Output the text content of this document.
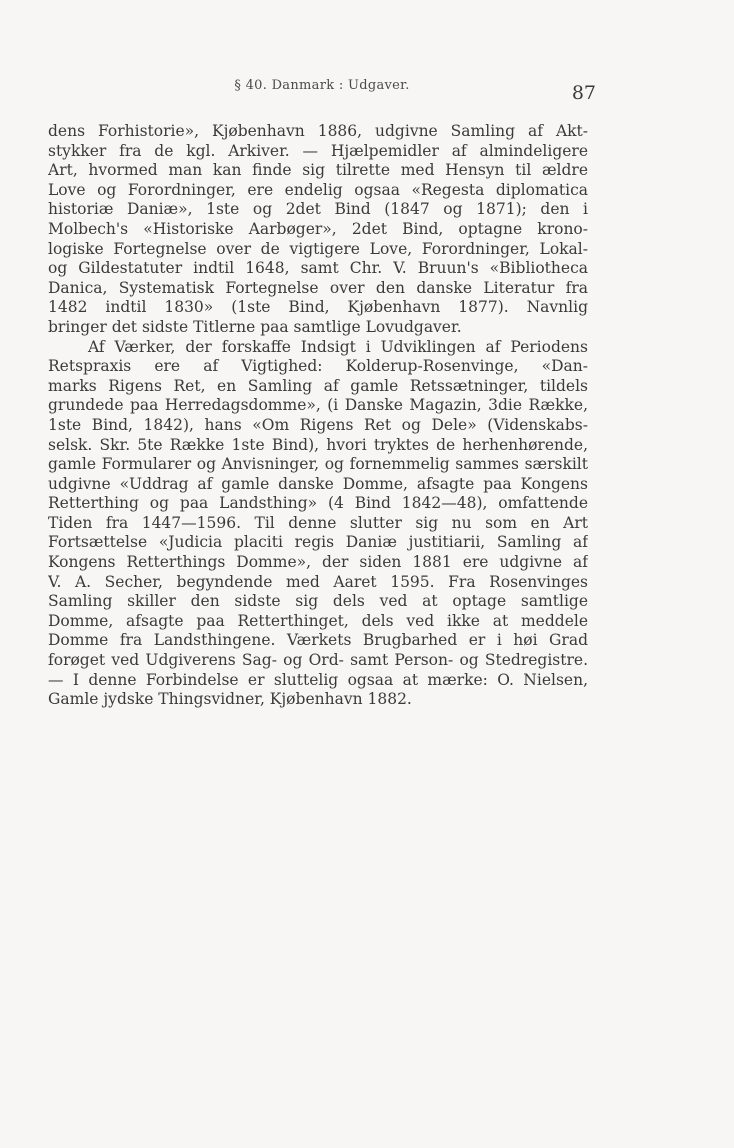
§ 40. Danmark : Udgaver.	87
dens Forhistorie», Kjøbenhavn 1886, udgivne Samling af Akt-
stykker fra de kgl. Arkiver. — Hjælpemidler af almindeligere
Art, hvormed man kan finde sig tilrette med Hensyn til ældre
Love og Forordninger, ere endelig ogsaa «Regesta diplomatica
historiæ Daniæ», 1ste og 2det Bind (1847 og 1871); den i
Molbech's «Historiske Aarbøger», 2det Bind, optagne krono-
logiske Fortegnelse over de vigtigere Love, Forordninger, Lokal-
og Gildestatuter indtil 1648, samt Chr. V. Bruun's «Bibliotheca
Danica, Systematisk Fortegnelse over den danske Literatur fra
1482 indtil 1830» (1ste Bind, Kjøbenhavn 1877). Navnlig
bringer det sidste Titlerne paa samtlige Lovudgaver.
Af Værker, der forskaffe Indsigt i Udviklingen af Periodens
Retspraxis ere af Vigtighed: Kolderup-Rosenvinge, «Dan-
marks Rigens Ret, en Samling af gamle Retssætninger, tildels
grundede paa Herredagsdomme», (i Danske Magazin, 3die Række,
1ste Bind, 1842), hans «Om Rigens Ret og Dele» (Videnskabs-
selsk. Skr. 5te Række 1ste Bind), hvori tryktes de herhenhørende,
gamle Formularer og Anvisninger, og fornemmelig sammes særskilt
udgivne «Uddrag af gamle danske Domme, afsagte paa Kongens
Retterthing og paa Landsthing» (4 Bind 1842—48), omfattende
Tiden fra 1447—1596. Til denne slutter sig nu som en Art
Fortsættelse «Judicia placiti regis Daniæ justitiarii, Samling af
Kongens Retterthings Domme», der siden 1881 ere udgivne af
V. A. Secher, begyndende med Aaret 1595. Fra Rosenvinges
Samling skiller den sidste sig dels ved at optage samtlige
Domme, afsagte paa Retterthinget, dels ved ikke at meddele
Domme fra Landsthingene. Værkets Brugbarhed er i høi Grad
forøget ved Udgiverens Sag- og Ord- samt Person- og Stedregistre.
— I denne Forbindelse er sluttelig ogsaa at mærke: O. Nielsen,
Gamle jydske Thingsvidner, Kjøbenhavn 1882.
